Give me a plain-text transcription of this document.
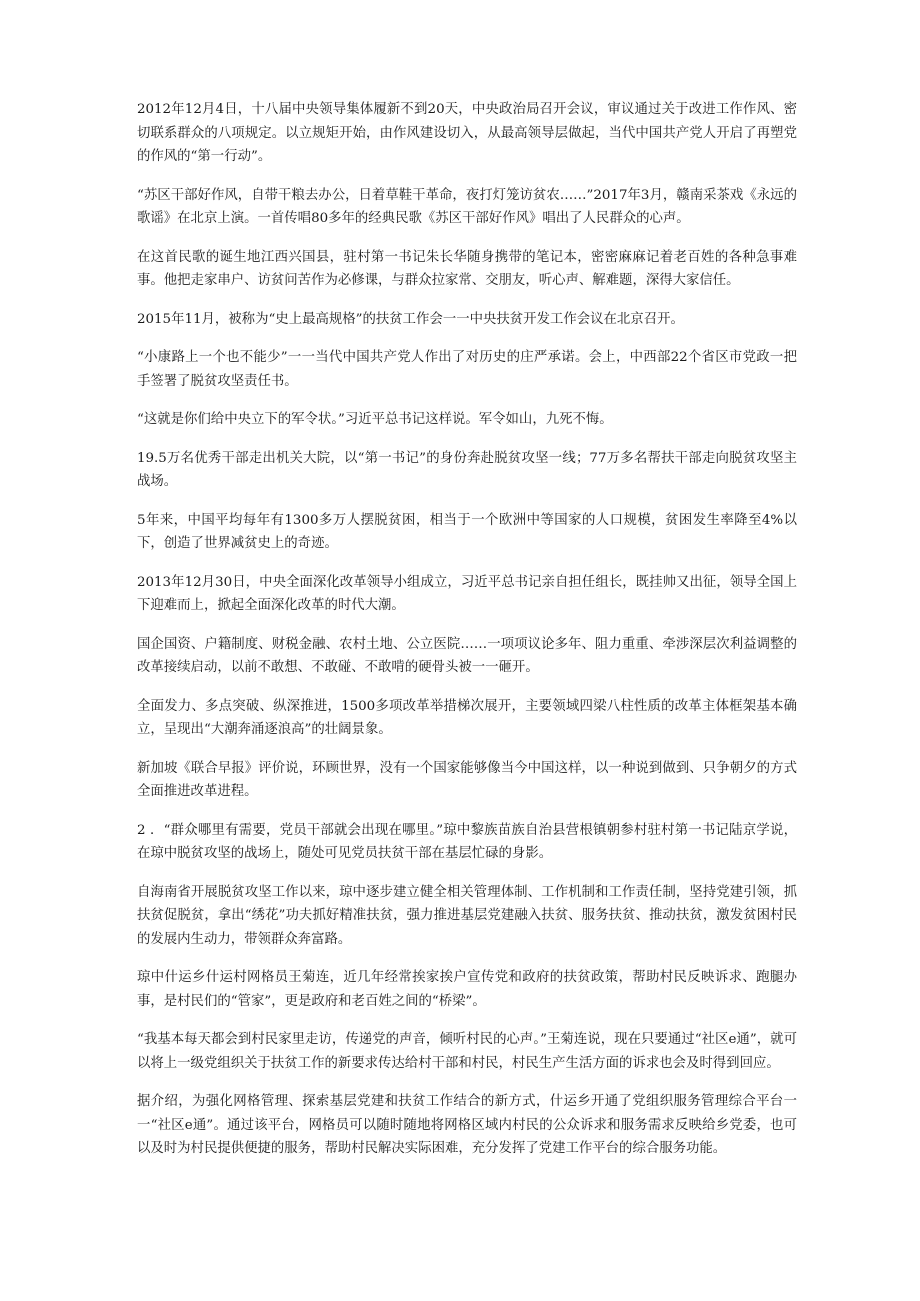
2012年12月4日，十八届中央领导集体履新不到20天，中央政治局召开会议，审议通过关于改进工作作风、密切联系群众的八项规定。以立规矩开始，由作风建设切入，从最高领导层做起，当代中国共产党人开启了再塑党的作风的“第一行动”。

“苏区干部好作风，自带干粮去办公，日着草鞋干革命，夜打灯笼访贫农……”2017年3月，赣南采茶戏《永远的歌谣》在北京上演。一首传唱80多年的经典民歌《苏区干部好作风》唱出了人民群众的心声。

在这首民歌的诞生地江西兴国县，驻村第一书记朱长华随身携带的笔记本，密密麻麻记着老百姓的各种急事难事。他把走家串户、访贫问苦作为必修课，与群众拉家常、交朋友，听心声、解难题，深得大家信任。

2015年11月，被称为“史上最高规格”的扶贫工作会一一中央扶贫开发工作会议在北京召开。

“小康路上一个也不能少”一一当代中国共产党人作出了对历史的庄严承诺。会上，中西部22个省区市党政一把手签署了脱贫攻坚责任书。

“这就是你们给中央立下的军令状。”习近平总书记这样说。军令如山，九死不悔。

19.5万名优秀干部走出机关大院，以“第一书记”的身份奔赴脱贫攻坚一线；77万多名帮扶干部走向脱贫攻坚主战场。

5年来，中国平均每年有1300多万人摆脱贫困，相当于一个欧洲中等国家的人口规模，贫困发生率降至4%以下，创造了世界减贫史上的奇迹。

2013年12月30日，中央全面深化改革领导小组成立，习近平总书记亲自担任组长，既挂帅又出征，领导全国上下迎难而上，掀起全面深化改革的时代大潮。

国企国资、户籍制度、财税金融、农村土地、公立医院……一项项议论多年、阻力重重、牵涉深层次利益调整的改革接续启动，以前不敢想、不敢碰、不敢啃的硬骨头被一一砸开。

全面发力、多点突破、纵深推进，1500多项改革举措梯次展开，主要领域四梁八柱性质的改革主体框架基本确立，呈现出“大潮奔涌逐浪高”的壮阔景象。

新加坡《联合早报》评价说，环顾世界，没有一个国家能够像当今中国这样，以一种说到做到、只争朝夕的方式全面推进改革进程。

2 ．“群众哪里有需要，党员干部就会出现在哪里。”琼中黎族苗族自治县营根镇朝参村驻村第一书记陆京学说，在琼中脱贫攻坚的战场上，随处可见党员扶贫干部在基层忙碌的身影。

自海南省开展脱贫攻坚工作以来，琼中逐步建立健全相关管理体制、工作机制和工作责任制，坚持党建引领，抓扶贫促脱贫，拿出“绣花”功夫抓好精准扶贫，强力推进基层党建融入扶贫、服务扶贫、推动扶贫，激发贫困村民的发展内生动力，带领群众奔富路。

琼中什运乡什运村网格员王菊连，近几年经常挨家挨户宣传党和政府的扶贫政策，帮助村民反映诉求、跑腿办事，是村民们的“管家”，更是政府和老百姓之间的“桥梁”。

“我基本每天都会到村民家里走访，传递党的声音，倾听村民的心声。”王菊连说，现在只要通过“社区e通”，就可以将上一级党组织关于扶贫工作的新要求传达给村干部和村民，村民生产生活方面的诉求也会及时得到回应。

据介绍，为强化网格管理、探索基层党建和扶贫工作结合的新方式，什运乡开通了党组织服务管理综合平台一一“社区e通”。通过该平台，网格员可以随时随地将网格区域内村民的公众诉求和服务需求反映给乡党委，也可以及时为村民提供便捷的服务，帮助村民解决实际困难，充分发挥了党建工作平台的综合服务功能。
